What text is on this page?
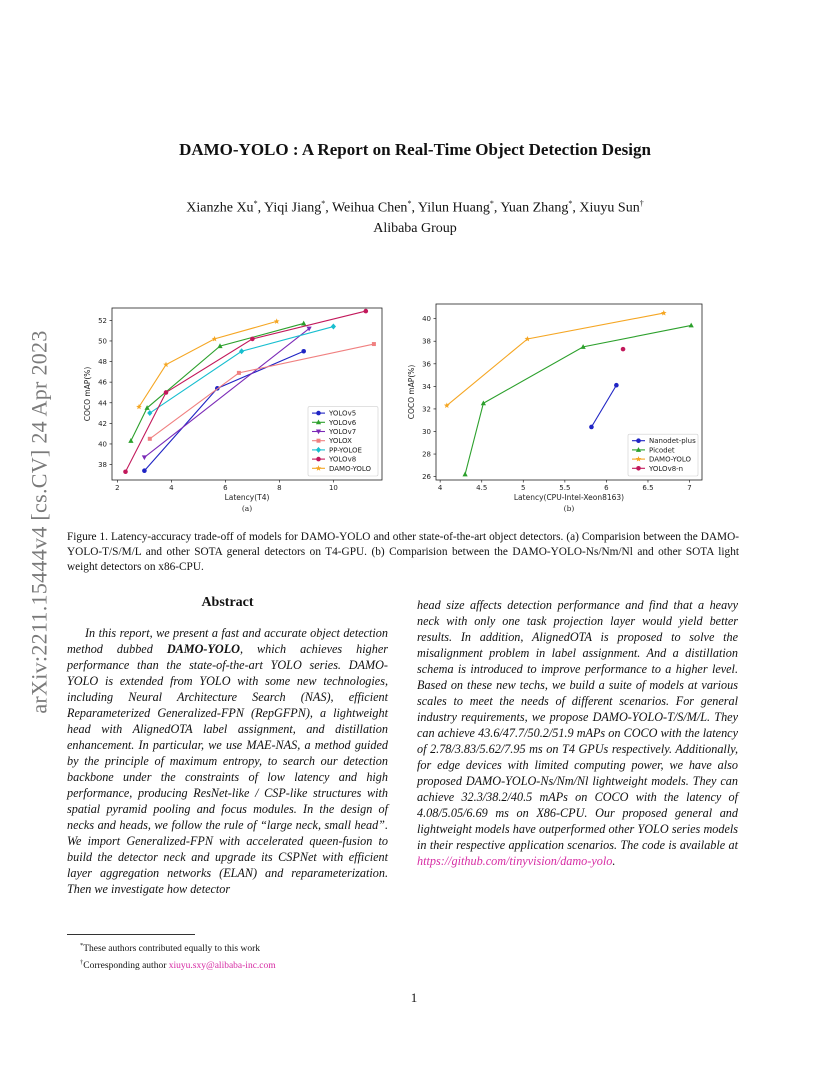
arXiv:2211.15444v4 [cs.CV] 24 Apr 2023
DAMO-YOLO : A Report on Real-Time Object Detection Design
Xianzhe Xu*, Yiqi Jiang*, Weihua Chen*, Yilun Huang*, Yuan Zhang*, Xiuyu Sun†
Alibaba Group
2	4	6	8	10
38
40
42
44
46
48
50
52
Latency(T4)
COCO mAP(%)
(a)
YOLOv5
YOLOv6
YOLOv7
YOLOX
PP-YOLOE
YOLOv8
DAMO-YOLO
4	4.5	5	5.5	6	6.5	7
26
28
30
32
34
36
38
40
Latency(CPU-Intel-Xeon8163)
COCO mAP(%)
(b)
Nanodet-plus
Picodet
DAMO-YOLO
YOLOv8-n
Figure 1. Latency-accuracy trade-off of models for DAMO-YOLO and other state-of-the-art object detectors. (a) Comparision between the DAMO-YOLO-T/S/M/L and other SOTA general detectors on T4-GPU. (b) Comparision between the DAMO-YOLO-Ns/Nm/Nl and other SOTA light weight detectors on x86-CPU.
Abstract

In this report, we present a fast and accurate object detection method dubbed DAMO-YOLO, which achieves higher performance than the state-of-the-art YOLO series. DAMO-YOLO is extended from YOLO with some new technologies, including Neural Architecture Search (NAS), efficient Reparameterized Generalized-FPN (RepGFPN), a lightweight head with AlignedOTA label assignment, and distillation enhancement. In particular, we use MAE-NAS, a method guided by the principle of maximum entropy, to search our detection backbone under the constraints of low latency and high performance, producing ResNet-like / CSP-like structures with spatial pyramid pooling and focus modules. In the design of necks and heads, we follow the rule of “large neck, small head”. We import Generalized-FPN with accelerated queen-fusion to build the detector neck and upgrade its CSPNet with efficient layer aggregation networks (ELAN) and reparameterization. Then we investigate how detector

head size affects detection performance and find that a heavy neck with only one task projection layer would yield better results. In addition, AlignedOTA is proposed to solve the misalignment problem in label assignment. And a distillation schema is introduced to improve performance to a higher level. Based on these new techs, we build a suite of models at various scales to meet the needs of different scenarios. For general industry requirements, we propose DAMO-YOLO-T/S/M/L. They can achieve 43.6/47.7/50.2/51.9 mAPs on COCO with the latency of 2.78/3.83/5.62/7.95 ms on T4 GPUs respectively. Additionally, for edge devices with limited computing power, we have also proposed DAMO-YOLO-Ns/Nm/Nl lightweight models. They can achieve 32.3/38.2/40.5 mAPs on COCO with the latency of 4.08/5.05/6.69 ms on X86-CPU. Our proposed general and lightweight models have outperformed other YOLO series models in their respective application scenarios. The code is available at https://github.com/tinyvision/damo-yolo.

*These authors contributed equally to this work
†Corresponding author xiuyu.sxy@alibaba-inc.com
1
